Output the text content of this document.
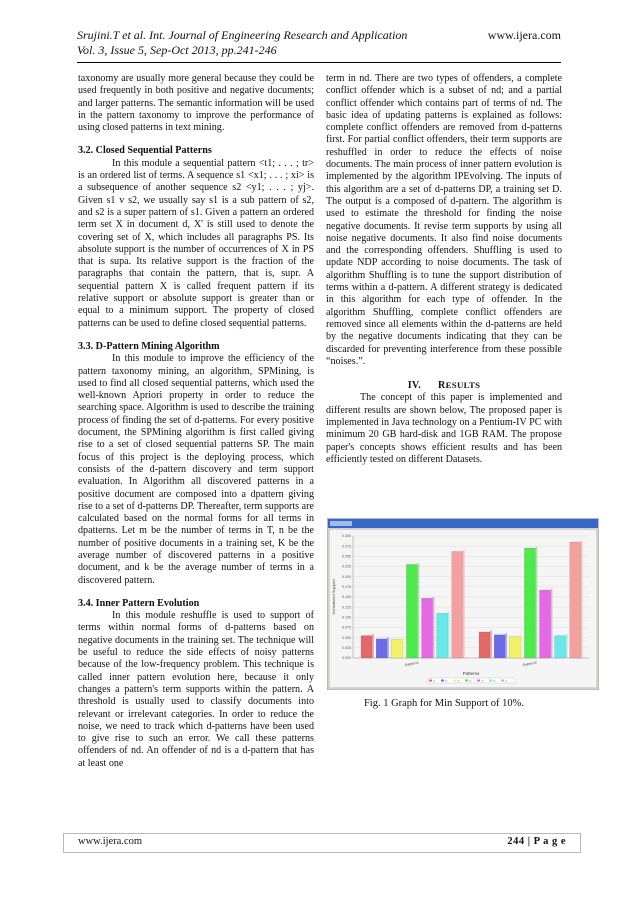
Srujini.T et al. Int. Journal of Engineering Research and Application	www.ijera.com

Vol. 3, Issue 5, Sep-Oct 2013, pp.241-246

taxonomy are usually more general because they could be used frequently in both positive and negative documents; and larger patterns. The semantic information will be used in the pattern taxonomy to improve the performance of using closed patterns in text mining.

3.2. Closed Sequential Patterns

In this module a sequential pattern <t1; . . . ; tr> is an ordered list of terms. A sequence s1 <x1; . . . ; xi> is a subsequence of another sequence s2 <y1; . . . ; yj>. Given s1 v s2, we usually say s1 is a sub pattern of s2, and s2 is a super pattern of s1. Given a pattern an ordered term set X in document d, X' is still used to denote the covering set of X, which includes all paragraphs PS. Its absolute support is the number of occurrences of X in PS that is supa. Its relative support is the fraction of the paragraphs that contain the pattern, that is, supr. A sequential pattern X is called frequent pattern if its relative support or absolute support is greater than or equal to a minimum support. The property of closed patterns can be used to define closed sequential patterns.

3.3. D-Pattern Mining Algorithm

In this module to improve the efficiency of the pattern taxonomy mining, an algorithm, SPMining, is used to find all closed sequential patterns, which used the well-known Apriori property in order to reduce the searching space. Algorithm is used to describe the training process of finding the set of d-patterns. For every positive document, the SPMining algorithm is first called giving rise to a set of closed sequential patterns SP. The main focus of this project is the deploying process, which consists of the d-pattern discovery and term support evaluation. In Algorithm all discovered patterns in a positive document are composed into a dpattern giving rise to a set of d-patterns DP. Thereafter, term supports are calculated based on the normal forms for all terms in dpatterns. Let m be the number of terms in T, n be the number of positive documents in a training set, K be the average number of discovered patterns in a positive document, and k be the average number of terms in a discovered pattern.

3.4. Inner Pattern Evolution

In this module reshuffle is used to support of terms within normal forms of d-patterns based on negative documents in the training set. The technique will be useful to reduce the side effects of noisy patterns because of the low-frequency problem. This technique is called inner pattern evolution here, because it only changes a pattern's term supports within the pattern. A threshold is usually used to classify documents into relevant or irrelevant categories. In order to reduce the noise, we need to track which d-patterns have been used to give rise to such an error. We call these patterns offenders of nd. An offender of nd is a d-pattern that has at least one

term in nd. There are two types of offenders, a complete conflict offender which is a subset of nd; and a partial conflict offender which contains part of terms of nd. The basic idea of updating patterns is explained as follows: complete conflict offenders are removed from d-patterns first. For partial conflict offenders, their term supports are reshuffled in order to reduce the effects of noise documents. The main process of inner pattern evolution is implemented by the algorithm IPEvolving. The inputs of this algorithm are a set of d-patterns DP, a training set D. The output is a composed of d-pattern. The algorithm is used to estimate the threshold for finding the noise negative documents. It revise term supports by using all noise negative documents. It also find noise documents and the corresponding offenders. Shuffling is used to update NDP according to noise documents. The task of algorithm Shuffling is to tune the support distribution of terms within a d-pattern. A different strategy is dedicated in this algorithm for each type of offender. In the algorithm Shuffling, complete conflict offenders are removed since all elements within the d-patterns are held by the negative documents indicating that they can be discarded for preventing interference from these possible “noises.”.

IV. RESULTS

The concept of this paper is implemented and different results are shown below, The proposed paper is implemented in Java technology on a Pentium-IV PC with minimum 20 GB hard-disk and 1GB RAM. The propose paper's concepts shows efficient results and has been efficiently tested on different Datasets.

0.000
0.025
0.050
0.075
0.100
0.125
0.150
0.175
0.200
0.225
0.250
0.275
0.300
Pattern1	Pattern2
Normalized Support
Patterns
s1	s2	s3	s4	s5	s6	s7
Fig. 1 Graph for Min Support of 10%.
www.ijera.com	244 | P a g e
